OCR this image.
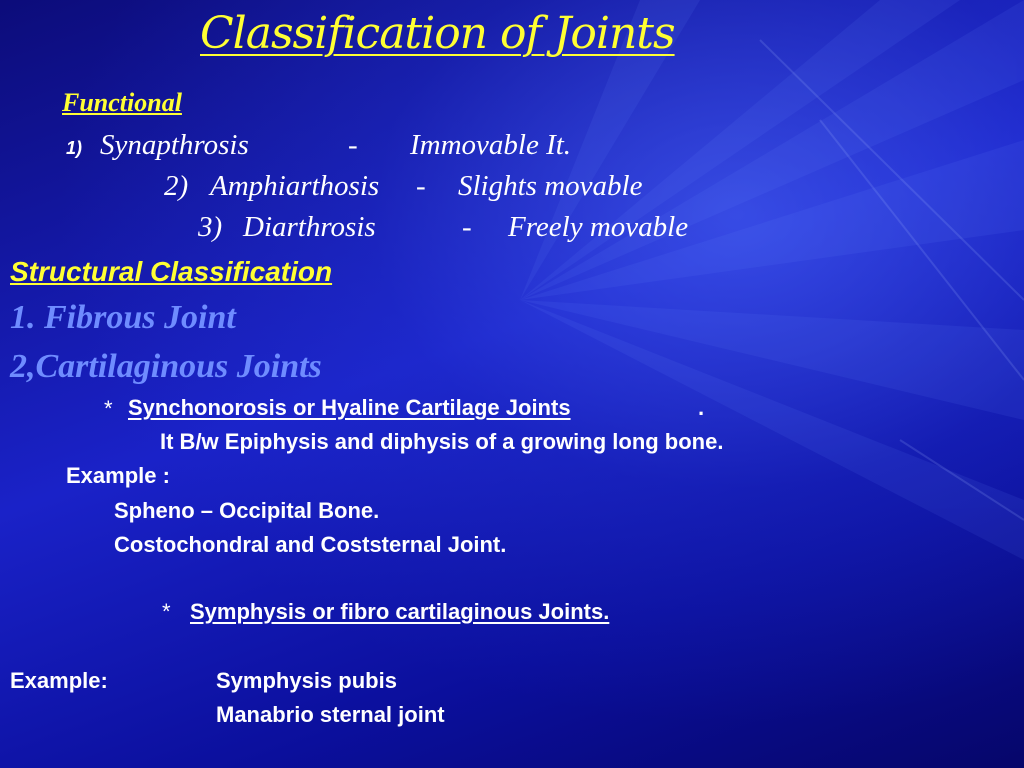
Classification of Joints
Functional
1) Synapthrosis	- Immovable It.
2) Amphiarthosis - Slights movable
3) Diarthrosis	- Freely movable
Structural Classification
1. Fibrous Joint
2,Cartilaginous Joints
* Synchonorosis or Hyaline Cartilage Joints	.
It B/w Epiphysis and diphysis of a growing long bone.
Example :
Spheno – Occipital Bone.
Costochondral and Coststernal Joint.
* Symphysis or fibro cartilaginous Joints.
Example:	Symphysis pubis
Manabrio sternal joint
